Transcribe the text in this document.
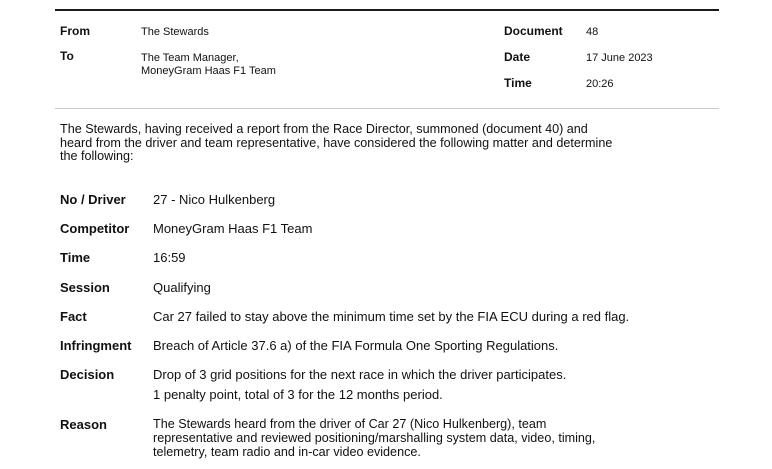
From	The Stewards
To	The Team Manager,
MoneyGram Haas F1 Team
Document 48
Date	17 June 2023
Time	20:26
The Stewards, having received a report from the Race Director, summoned (document 40) and
heard from the driver and team representative, have considered the following matter and determine
the following:
No / Driver 27 - Nico Hulkenberg
Competitor MoneyGram Haas F1 Team
Time	16:59
Session	Qualifying
Fact	Car 27 failed to stay above the minimum time set by the FIA ECU during a red flag.
Infringment Breach of Article 37.6 a) of the FIA Formula One Sporting Regulations.
Decision	Drop of 3 grid positions for the next race in which the driver participates.
1 penalty point, total of 3 for the 12 months period.
Reason	The Stewards heard from the driver of Car 27 (Nico Hulkenberg), team
representative and reviewed positioning/marshalling system data, video, timing,
telemetry, team radio and in-car video evidence.
